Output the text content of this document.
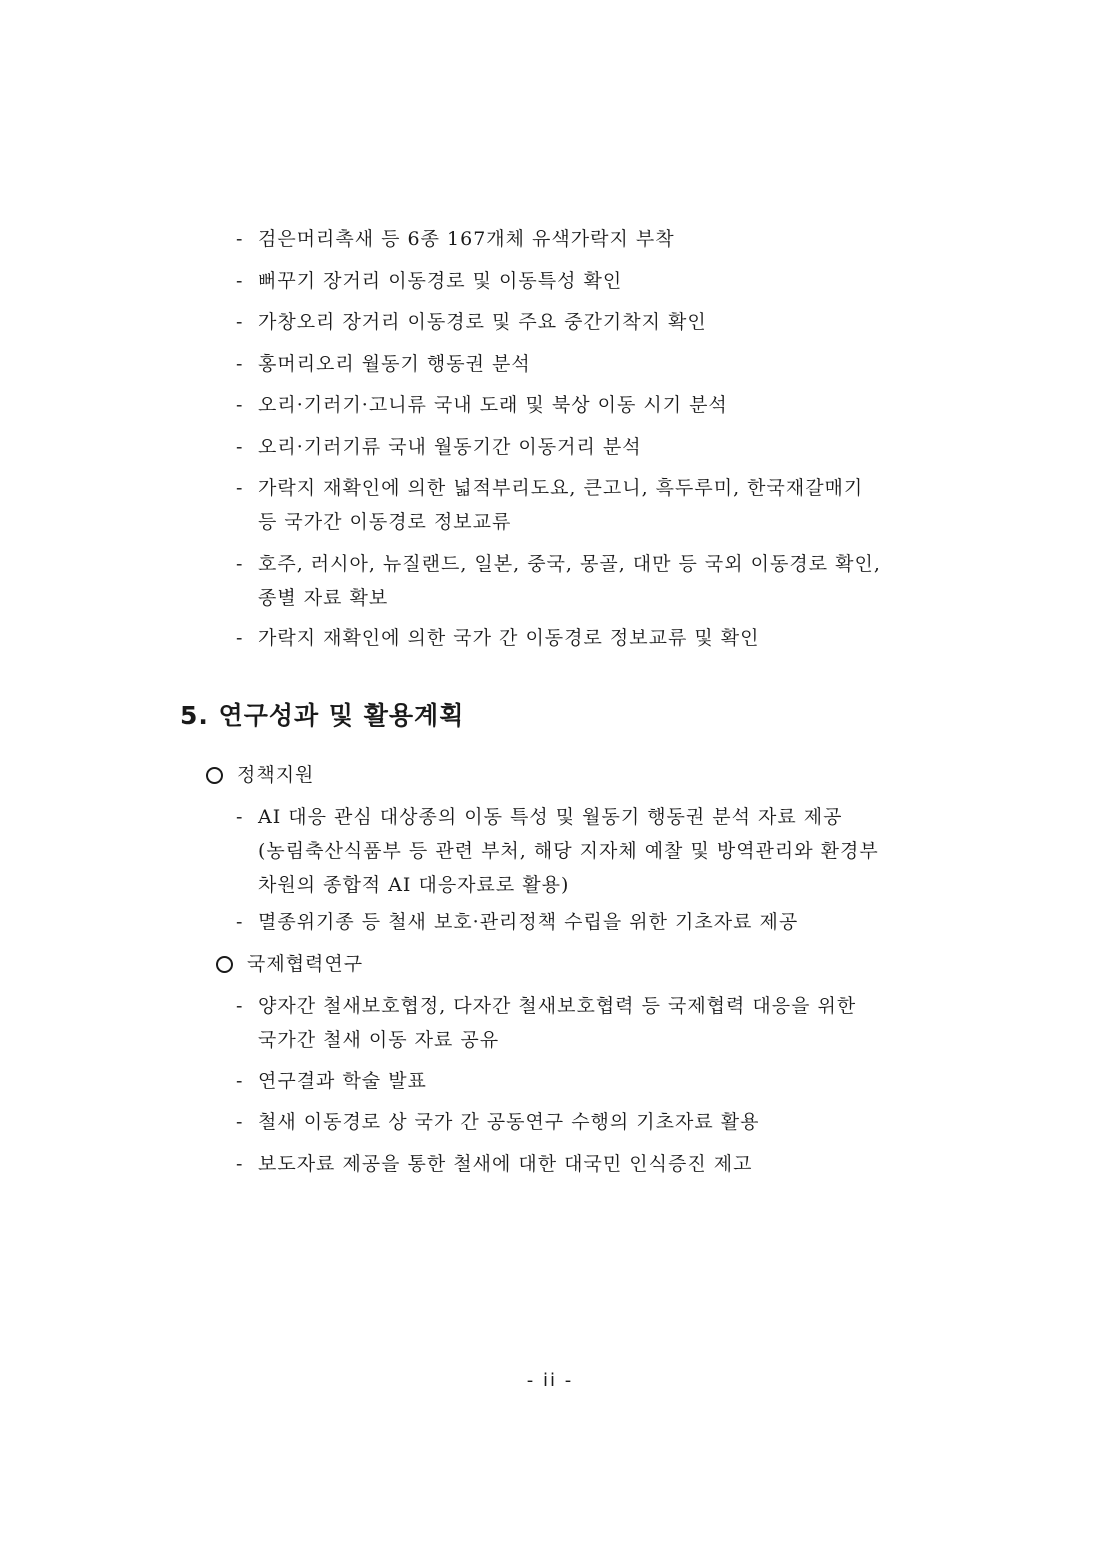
- 검은머리촉새 등 6종 167개체 유색가락지 부착
- 뻐꾸기 장거리 이동경로 및 이동특성 확인
- 가창오리 장거리 이동경로 및 주요 중간기착지 확인
- 홍머리오리 월동기 행동권 분석
- 오리·기러기·고니류 국내 도래 및 북상 이동 시기 분석
- 오리·기러기류 국내 월동기간 이동거리 분석
- 가락지 재확인에 의한 넓적부리도요, 큰고니, 흑두루미, 한국재갈매기
등 국가간 이동경로 정보교류
- 호주, 러시아, 뉴질랜드, 일본, 중국, 몽골, 대만 등 국외 이동경로 확인,
종별 자료 확보
- 가락지 재확인에 의한 국가 간 이동경로 정보교류 및 확인
5. 연구성과 및 활용계획
정책지원
- AI 대응 관심 대상종의 이동 특성 및 월동기 행동권 분석 자료 제공
(농림축산식품부 등 관련 부처, 해당 지자체 예찰 및 방역관리와 환경부
차원의 종합적 AI 대응자료로 활용)
- 멸종위기종 등 철새 보호·관리정책 수립을 위한 기초자료 제공
국제협력연구
- 양자간 철새보호협정, 다자간 철새보호협력 등 국제협력 대응을 위한
국가간 철새 이동 자료 공유
- 연구결과 학술 발표
- 철새 이동경로 상 국가 간 공동연구 수행의 기초자료 활용
- 보도자료 제공을 통한 철새에 대한 대국민 인식증진 제고
- ii -
